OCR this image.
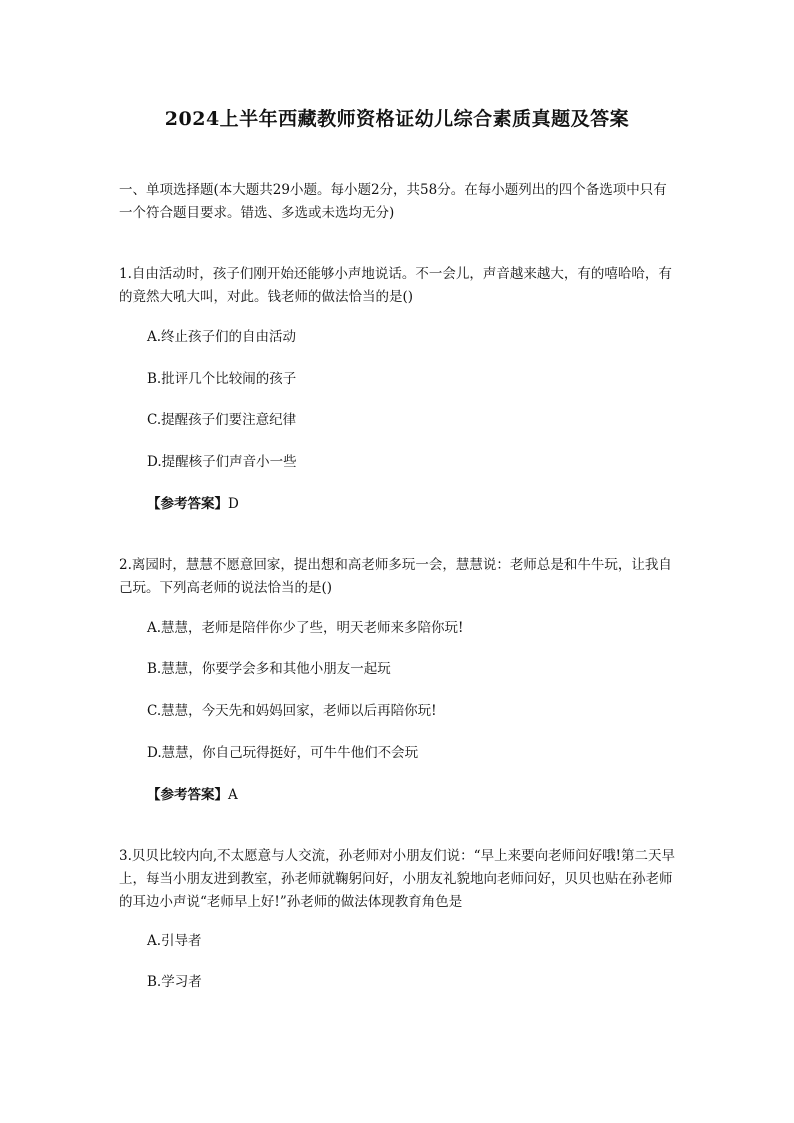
2024上半年西藏教师资格证幼儿综合素质真题及答案
一、单项选择题(本大题共29小题。每小题2分，共58分。在每小题列出的四个备选项中只有一个符合题目要求。错选、多选或未选均无分)
1.自由活动时，孩子们刚开始还能够小声地说话。不一会儿，声音越来越大，有的嘻哈哈，有的竟然大吼大叫，对此。钱老师的做法恰当的是()
A.终止孩子们的自由活动
B.批评几个比较闹的孩子
C.提醒孩子们要注意纪律
D.提醒核子们声音小一些
【参考答案】D
2.离园时，慧慧不愿意回家，提出想和高老师多玩一会，慧慧说：老师总是和牛牛玩，让我自己玩。下列高老师的说法恰当的是()
A.慧慧，老师是陪伴你少了些，明天老师来多陪你玩!
B.慧慧，你要学会多和其他小朋友一起玩
C.慧慧，今天先和妈妈回家，老师以后再陪你玩!
D.慧慧，你自己玩得挺好，可牛牛他们不会玩
【参考答案】A
3.贝贝比较内向,不太愿意与人交流，孙老师对小朋友们说：“早上来要向老师问好哦!第二天早上，每当小朋友进到教室，孙老师就鞠躬问好，小朋友礼貌地向老师问好，贝贝也贴在孙老师的耳边小声说“老师早上好!”孙老师的做法体现教育角色是
A.引导者
B.学习者
